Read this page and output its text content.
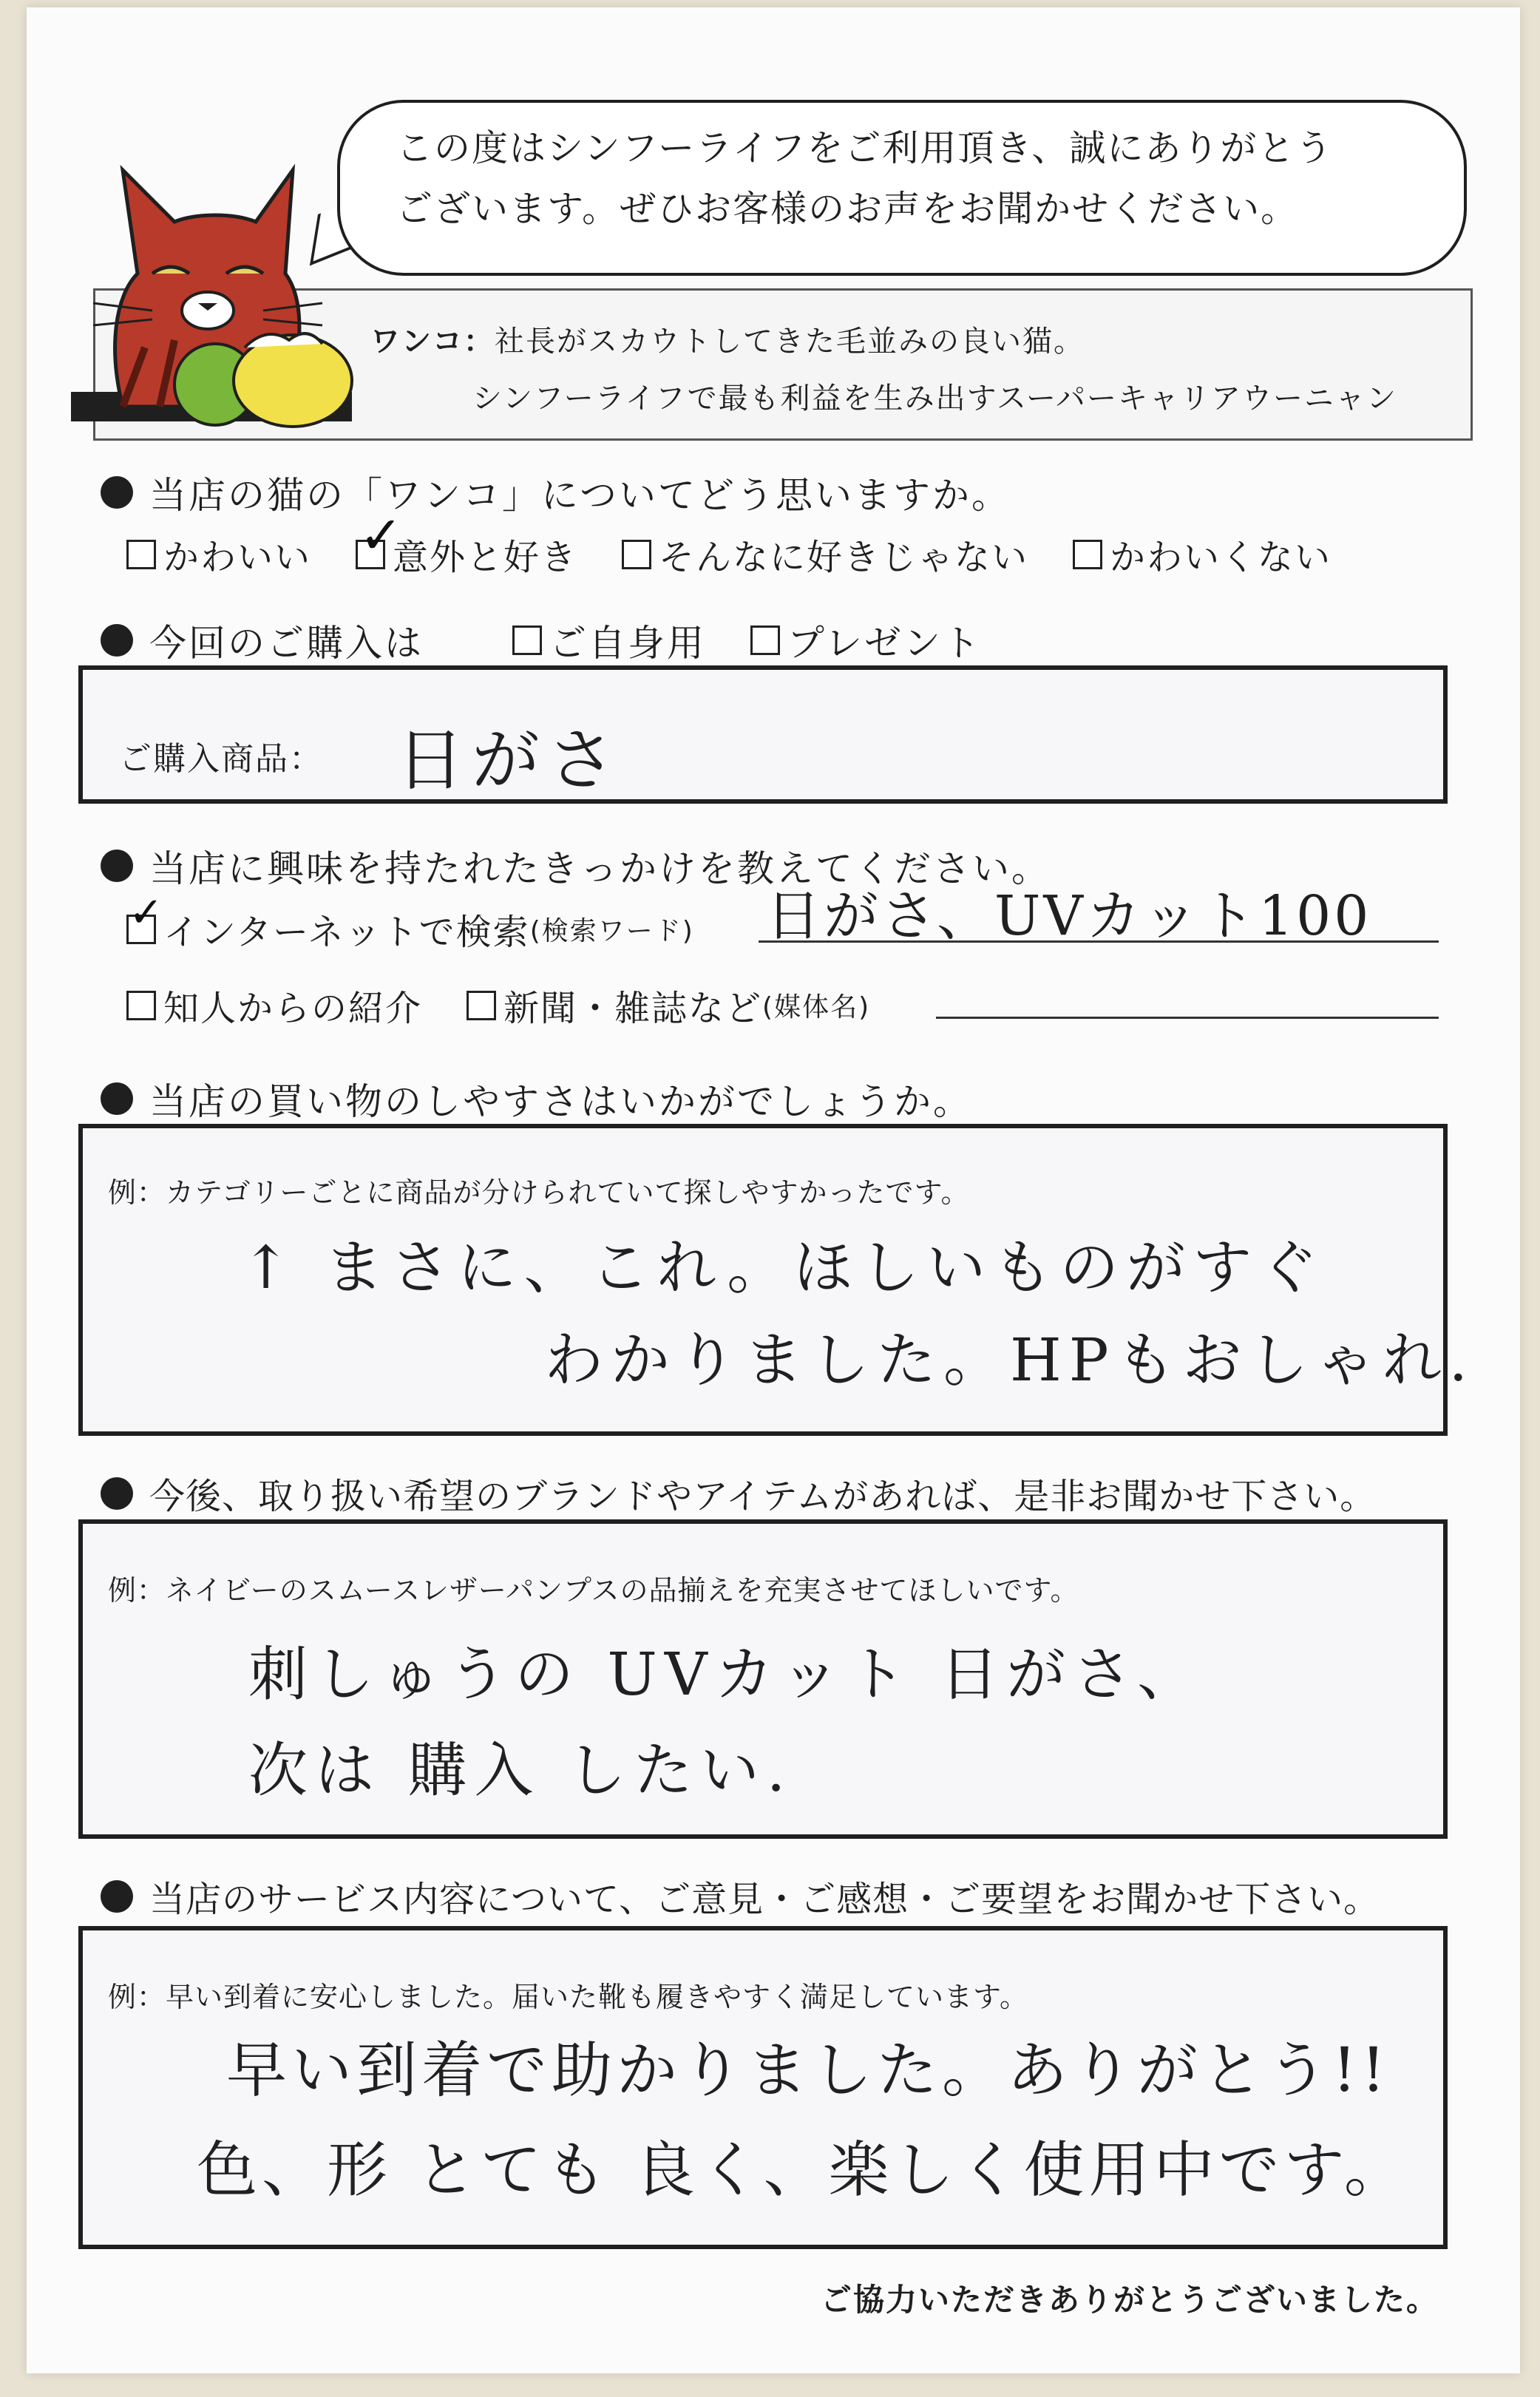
この度はシンフーライフをご利用頂き、誠にありがとう
ございます。ぜひお客様のお声をお聞かせください。
ワンコ：社長がスカウトしてきた毛並みの良い猫。
シンフーライフで最も利益を生み出すスーパーキャリアウーニャン
当店の猫の「ワンコ」についてどう思いますか。
かわいい ✓
意外と好き そんなに好きじゃない かわいくない
今回のご購入は	ご自身用 プレゼント
ご購入商品： 日がさ
当店に興味を持たれたきっかけを教えてください。
✓
インターネットで検索 (検索ワード) 日がさ、UVカット100
知人からの紹介 新聞・雑誌など (媒体名)
当店の買い物のしやすさはいかがでしょうか。
例：カテゴリーごとに商品が分けられていて探しやすかったです。
↑ まさに、これ。ほしいものがすぐ
わかりました。HPもおしゃれ.
今後、取り扱い希望のブランドやアイテムがあれば、是非お聞かせ下さい。
例：ネイビーのスムースレザーパンプスの品揃えを充実させてほしいです。
刺しゅうの UVカット 日がさ、
次は 購入 したい.
当店のサービス内容について、ご意見・ご感想・ご要望をお聞かせ下さい。
例：早い到着に安心しました。届いた靴も履きやすく満足しています。
早い到着で助かりました。ありがとう!!
色、形 とても 良く、楽しく使用中です。
ご協力いただきありがとうございました。
